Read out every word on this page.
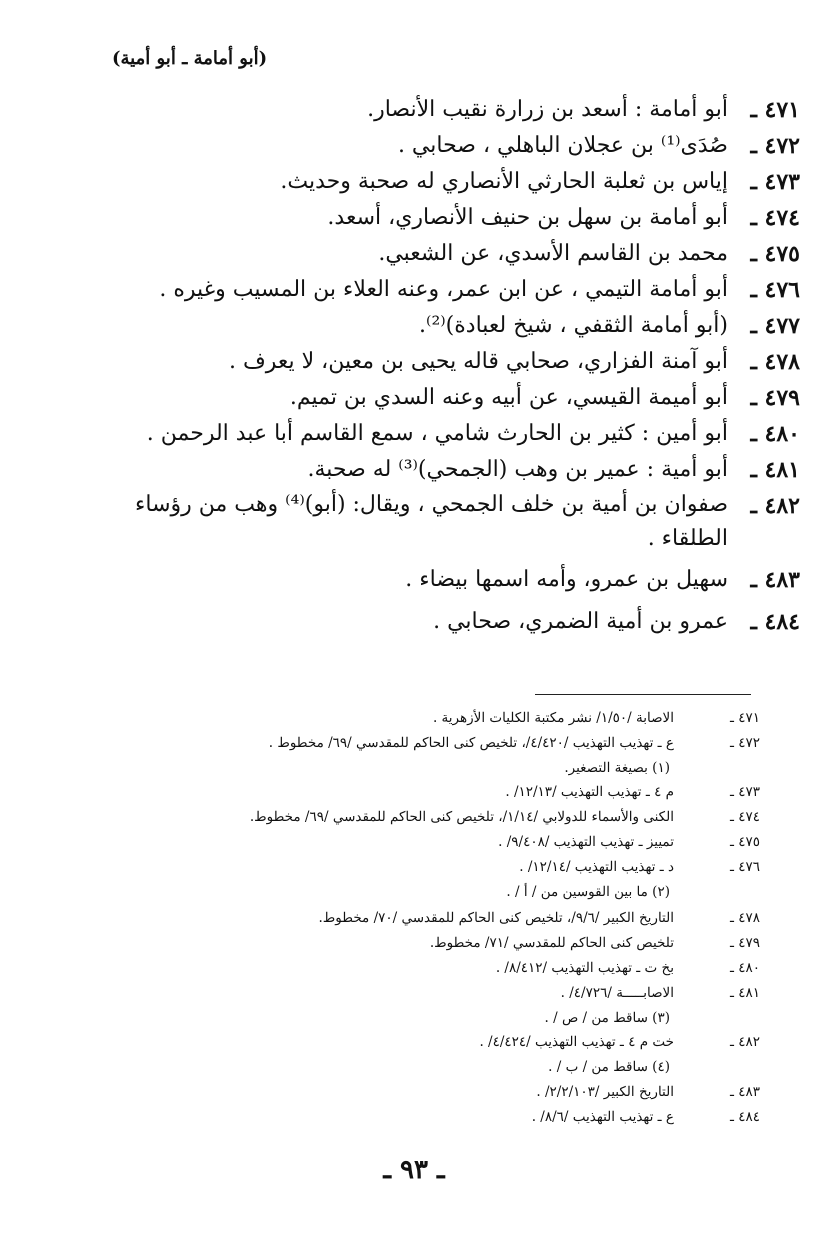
(أبو أمامة ـ أبو أمية)
٤٧١ ـ
أبو أمامة : أسعد بن زرارة نقيب الأنصار.
٤٧٢ ـ
صُدَى⁽¹⁾ بن عجلان الباهلي ، صحابي .
٤٧٣ ـ
إياس بن ثعلبة الحارثي الأنصاري له صحبة وحديث.
٤٧٤ ـ
أبو أمامة بن سهل بن حنيف الأنصاري، أسعد.
٤٧٥ ـ
محمد بن القاسم الأسدي، عن الشعبي.
٤٧٦ ـ
أبو أمامة التيمي ، عن ابن عمر، وعنه العلاء بن المسيب وغيره .
٤٧٧ ـ
(أبو أمامة الثقفي ، شيخ لعبادة)⁽²⁾.
٤٧٨ ـ
أبو آمنة الفزاري، صحابي قاله يحيى بن معين، لا يعرف .
٤٧٩ ـ
أبو أميمة القيسي، عن أبيه وعنه السدي بن تميم.
٤٨٠ ـ
أبو أمين : كثير بن الحارث شامي ، سمع القاسم أبا عبد الرحمن .
٤٨١ ـ
أبو أمية : عمير بن وهب (الجمحي)⁽³⁾ له صحبة.
٤٨٢ ـ
صفوان بن أمية بن خلف الجمحي ، ويقال: (أبو)⁽⁴⁾ وهب من رؤساء الطلقاء .
٤٨٣ ـ
سهيل بن عمرو، وأمه اسمها بيضاء .
٤٨٤ ـ
عمرو بن أمية الضمري، صحابي .
٤٧١ ـ
الاصابة /١/٥٠/ نشر مكتبة الكليات الأزهرية .
٤٧٢ ـ
ع ـ تهذيب التهذيب /٤/٤٢٠/، تلخيص كنى الحاكم للمقدسي /٦٩/ مخطوط .
(١) بصيغة التصغير.
٤٧٣ ـ
م ٤ ـ تهذيب التهذيب /١٢/١٣/ .
٤٧٤ ـ
الكنى والأسماء للدولابي /١/١٤/، تلخيص كنى الحاكم للمقدسي /٦٩/ مخطوط.
٤٧٥ ـ
تمييز ـ تهذيب التهذيب /٩/٤٠٨/ .
٤٧٦ ـ
د ـ تهذيب التهذيب /١٢/١٤/ .
(٢) ما بين القوسين من / أ / .
٤٧٨ ـ
التاريخ الكبير /٩/٦/، تلخيص كنى الحاكم للمقدسي /٧٠/ مخطوط.
٤٧٩ ـ
تلخيص كنى الحاكم للمقدسي /٧١/ مخطوط.
٤٨٠ ـ
بخ ت ـ تهذيب التهذيب /٨/٤١٢/ .
٤٨١ ـ
الاصابـــــة /٤/٧٢٦/ .
(٣) ساقط من / ص / .
٤٨٢ ـ
خت م ٤ ـ تهذيب التهذيب /٤/٤٢٤/ .
(٤) ساقط من / ب / .
٤٨٣ ـ
التاريخ الكبير /٢/٢/١٠٣/ .
٤٨٤ ـ
ع ـ تهذيب التهذيب /٨/٦/ .
ـ ٩٣ ـ
